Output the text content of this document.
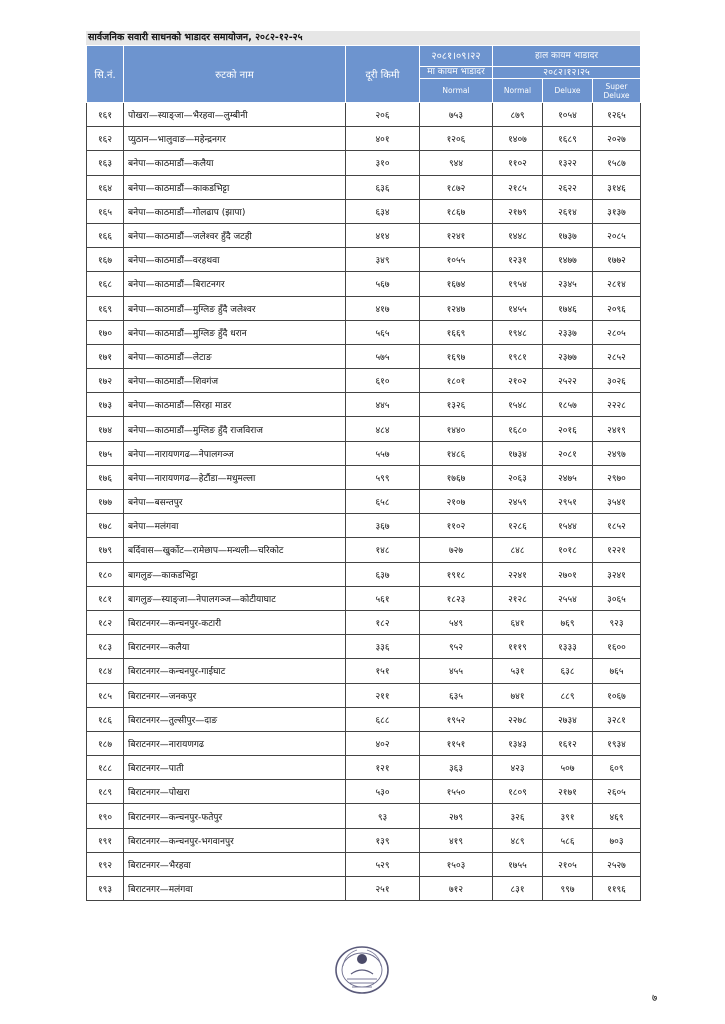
सार्वजनिक सवारी साधनको भाडादर समायोजन, २०८२-१२-२५
सि.नं.	रुटको नाम	दूरी किमी	२०८१।०९।२२	हाल कायम भाडादर		
			मा कायम भाडादर	२०८२।१२।२५		
			Normal	Normal	Deluxe	Super Deluxe
१६१	पोखरा—स्याङ्जा—भैरहवा—लुम्बीनी	२०६	७५३	८७९	१०५४	१२६५
१६२	प्युठान—भालुवाङ—महेन्द्रनगर	४०१	१२०६	१४०७	१६८९	२०२७
१६३	बनेपा—काठमाडौं—कलैया	३१०	९४४	११०२	१३२२	१५८७
१६४	बनेपा—काठमाडौं—काकडभिट्टा	६३६	१८७२	२१८५	२६२२	३१४६
१६५	बनेपा—काठमाडौं—गोलढाप (झापा)	६३४	१८६७	२१७९	२६१४	३१३७
१६६	बनेपा—काठमाडौं—जलेश्वर हुँदै जटही	४१४	१२४१	१४४८	१७३७	२०८५
१६७	बनेपा—काठमाडौं—वरहथवा	३४९	१०५५	१२३१	१४७७	१७७२
१६८	बनेपा—काठमाडौं—बिराटनगर	५६७	१६७४	१९५४	२३४५	२८१४
१६९	बनेपा—काठमाडौं—मुग्लिङ हुँदै जलेश्वर	४१७	१२४७	१४५५	१७४६	२०९६
१७०	बनेपा—काठमाडौं—मुग्लिङ हुँदै धरान	५६५	१६६९	१९४८	२३३७	२८०५
१७१	बनेपा—काठमाडौं—लेटाङ	५७५	१६९७	१९८१	२३७७	२८५२
१७२	बनेपा—काठमाडौं—शिवगंज	६१०	१८०१	२१०२	२५२२	३०२६
१७३	बनेपा—काठमाडौं—सिरहा माडर	४४५	१३२६	१५४८	१८५७	२२२८
१७४	बनेपा—काठमाडौं—मुग्लिङ हुँदै राजविराज	४८४	१४४०	१६८०	२०१६	२४१९
१७५	बनेपा—नारायणगढ—नेपालगञ्ज	५५७	१४८६	१७३४	२०८१	२४९७
१७६	बनेपा—नारायणगढ—हेटौंडा—मधुमल्ला	५९९	१७६७	२०६३	२४७५	२९७०
१७७	बनेपा—बसन्तपुर	६५८	२१०७	२४५९	२९५१	३५४१
१७८	बनेपा—मलंगवा	३६७	११०२	१२८६	१५४४	१८५२
१७९	बर्दिवास—खुर्कोट—रामेछाप—मन्थली—चरिकोट	१४८	७२७	८४८	१०१८	१२२१
१८०	बागलुङ—काकडभिट्टा	६३७	१९१८	२२४१	२७०१	३२४१
१८१	बागलुङ—स्याङ्जा—नेपालगञ्ज—कोटीयाघाट	५६१	१८२३	२१२८	२५५४	३०६५
१८२	बिराटनगर—कन्चनपुर-कटारी	१८२	५४९	६४१	७६९	९२३
१८३	बिराटनगर—कलैया	३३६	९५२	१११९	१३३३	१६००
१८४	बिराटनगर—कन्चनपुर-गाईघाट	१५१	४५५	५३१	६३८	७६५
१८५	बिराटनगर—जनकपुर	२११	६३५	७४१	८८९	१०६७
१८६	बिराटनगर—तुल्सीपुर—दाङ	६८८	१९५२	२२७८	२७३४	३२८१
१८७	बिराटनगर—नारायणगढ	४०२	११५१	१३४३	१६१२	१९३४
१८८	बिराटनगर—पाती	१२१	३६३	४२३	५०७	६०९
१८९	बिराटनगर—पोखरा	५३०	१५५०	१८०९	२१७१	२६०५
१९०	बिराटनगर—कन्चनपुर-फतेपुर	९३	२७९	३२६	३९१	४६९
१९१	बिराटनगर—कन्चनपुर-भगवानपुर	१३९	४१९	४८९	५८६	७०३
१९२	बिराटनगर—भैरहवा	५२९	१५०३	१७५५	२१०५	२५२७
१९३	बिराटनगर—मलंगवा	२५१	७१२	८३१	९९७	११९६
७
